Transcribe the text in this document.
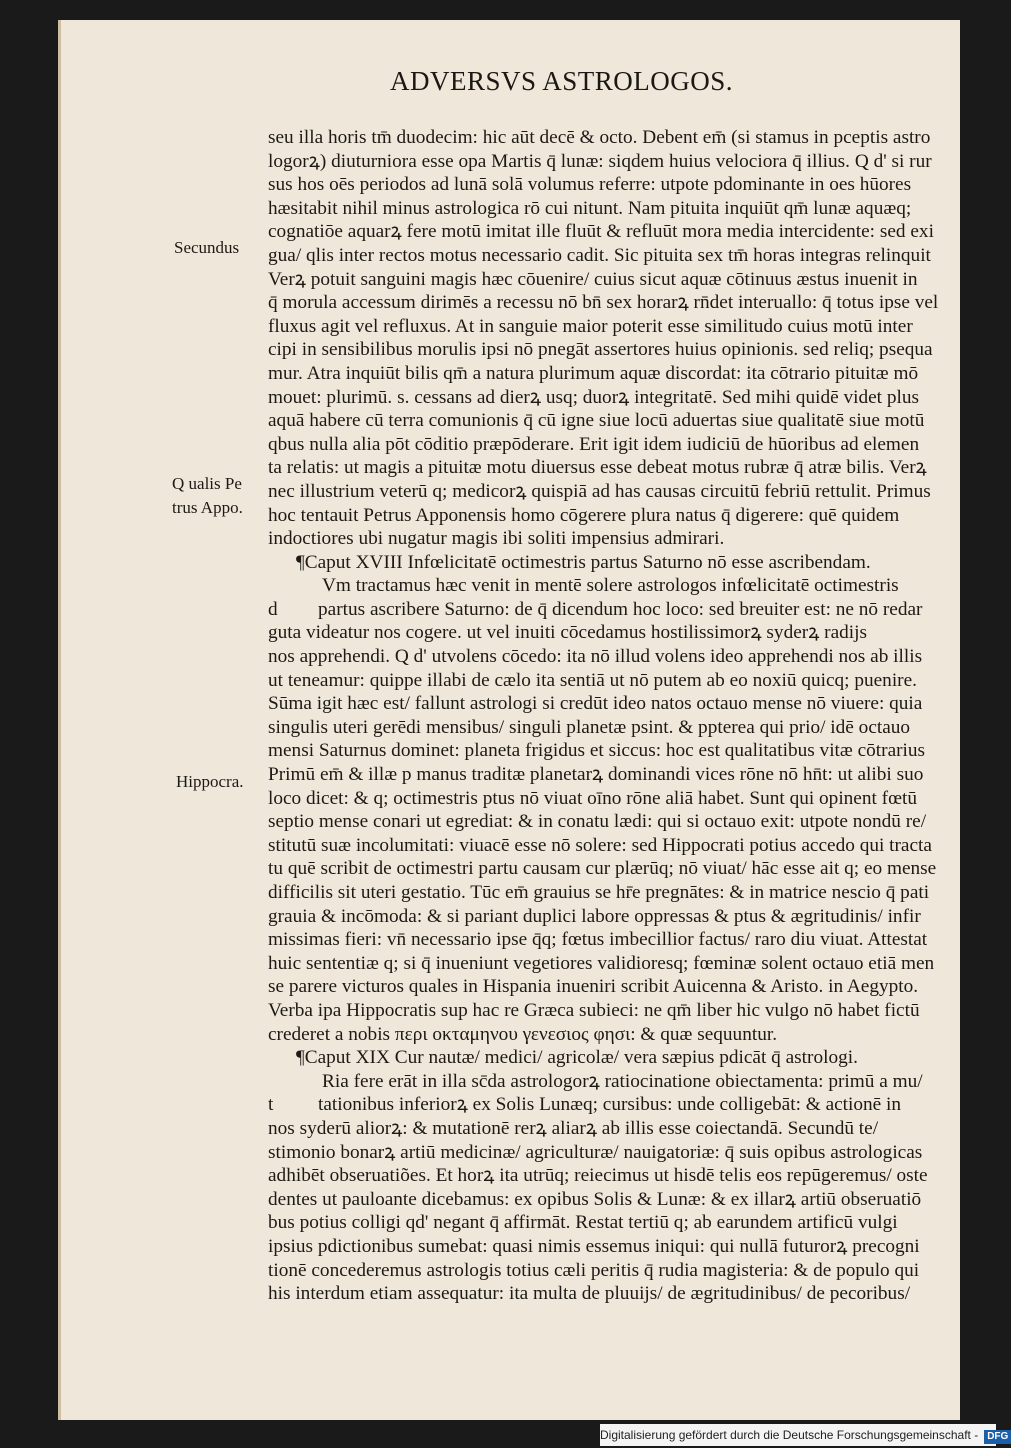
ADVERSVS ASTROLOGOS.
Secundus
Q ualis Pe
trus Appo.
Hippocra.
seu illa horis tm̄ duodecim: hic aūt decē & octo. Debent em̄ (si stamus in pceptis astro
logorꝝ) diuturniora esse opa Martis q̄ lunæ: siqdem huius velociora q̄ illius. Q d' si rur
sus hos oēs periodos ad lunā solā volumus referre: utpote pdominante in oes hūores
hæsitabit nihil minus astrologica rō cui nitunt. Nam pituita inquiūt qm̄ lunæ aquæq;
cognatiōe aquarꝝ fere motū imitat ille fluūt & refluūt mora media intercidente: sed exi
gua/ qlis inter rectos motus necessario cadit. Sic pituita sex tm̄ horas integras relinquit
Verꝝ potuit sanguini magis hæc cōuenire/ cuius sicut aquæ cōtinuus æstus inuenit in
q̄ morula accessum dirimēs a recessu nō bn̄ sex horarꝝ rn̄det interuallo: q̄ totus ipse vel
fluxus agit vel refluxus. At in sanguie maior poterit esse similitudo cuius motū inter
cipi in sensibilibus morulis ipsi nō pnegāt assertores huius opinionis. sed reliq; psequa
mur. Atra inquiūt bilis qm̄ a natura plurimum aquæ discordat: ita cōtrario pituitæ mō
mouet: plurimū. s. cessans ad dierꝝ usq; duorꝝ integritatē. Sed mihi quidē videt plus
aquā habere cū terra comunionis q̄ cū igne siue locū aduertas siue qualitatē siue motū
qbus nulla alia pōt cōditio præpōderare. Erit igit idem iudiciū de hūoribus ad elemen
ta relatis: ut magis a pituitæ motu diuersus esse debeat motus rubræ q̄ atræ bilis. Verꝝ
nec illustrium veterū q; medicorꝝ quispiā ad has causas circuitū febriū rettulit. Primus
hoc tentauit Petrus Apponensis homo cōgerere plura natus q̄ digerere: quē quidem
indoctiores ubi nugatur magis ibi soliti impensius admirari.
¶Caput XVIII Infœlicitatē octimestris partus Saturno nō esse ascribendam.
Vm tractamus hæc venit in mentē solere astrologos infœlicitatē octimestris
d partus ascribere Saturno: de q̄ dicendum hoc loco: sed breuiter est: ne nō redar
guta videatur nos cogere. ut vel inuiti cōcedamus hostilissimorꝝ syderꝝ radijs
nos apprehendi. Q d' utvolens cōcedo: ita nō illud volens ideo apprehendi nos ab illis
ut teneamur: quippe illabi de cælo ita sentiā ut nō putem ab eo noxiū quicq; puenire.
Sūma igit hæc est/ fallunt astrologi si credūt ideo natos octauo mense nō viuere: quia
singulis uteri gerēdi mensibus/ singuli planetæ psint. & ppterea qui prio/ idē octauo
mensi Saturnus dominet: planeta frigidus et siccus: hoc est qualitatibus vitæ cōtrarius
Primū em̄ & illæ p manus traditæ planetarꝝ dominandi vices rōne nō hn̄t: ut alibi suo
loco dicet: & q; octimestris ptus nō viuat oīno rōne aliā habet. Sunt qui opinent fœtū
septio mense conari ut egrediat: & in conatu lædi: qui si octauo exit: utpote nondū re/
stitutū suæ incolumitati: viuacē esse nō solere: sed Hippocrati potius accedo qui tracta
tu quē scribit de octimestri partu causam cur plærūq; nō viuat/ hāc esse ait q; eo mense
difficilis sit uteri gestatio. Tūc em̄ grauius se hr̄e pregnātes: & in matrice nescio q̄ pati
grauia & incōmoda: & si pariant duplici labore oppressas & ptus & ægritudinis/ infir
missimas fieri: vn̄ necessario ipse q̄q; fœtus imbecillior factus/ raro diu viuat. Attestat
huic sententiæ q; si q̄ inueniunt vegetiores validioresq; fœminæ solent octauo etiā men
se parere victuros quales in Hispania inueniri scribit Auicenna & Aristo. in Aegypto.
Verba ipa Hippocratis sup hac re Græca subieci: ne qm̄ liber hic vulgo nō habet fictū
crederet a nobis περι οκταμηνου γενεσιος φησι: & quæ sequuntur.
¶Caput XIX Cur nautæ/ medici/ agricolæ/ vera sæpius pdicāt q̄ astrologi.
Ria fere erāt in illa sc̄da astrologorꝝ ratiocinatione obiectamenta: primū a mu/
t tationibus inferiorꝝ ex Solis Lunæq; cursibus: unde colligebāt: & actionē in
nos syderū aliorꝝ: & mutationē rerꝝ aliarꝝ ab illis esse coiectandā. Secundū te/
stimonio bonarꝝ artiū medicinæ/ agriculturæ/ nauigatoriæ: q̄ suis opibus astrologicas
adhibēt obseruatiões. Et horꝝ ita utrūq; reiecimus ut hisdē telis eos repūgeremus/ oste
dentes ut pauloante dicebamus: ex opibus Solis & Lunæ: & ex illarꝝ artiū obseruatiō
bus potius colligi qd' negant q̄ affirmāt. Restat tertiū q; ab earundem artificū vulgi
ipsius pdictionibus sumebat: quasi nimis essemus iniqui: qui nullā futurorꝝ precogni
tionē concederemus astrologis totius cæli peritis q̄ rudia magisteria: & de populo qui
his interdum etiam assequatur: ita multa de pluuijs/ de ægritudinibus/ de pecoribus/
Digitalisierung gefördert durch die Deutsche Forschungsgemeinschaft - DFG
